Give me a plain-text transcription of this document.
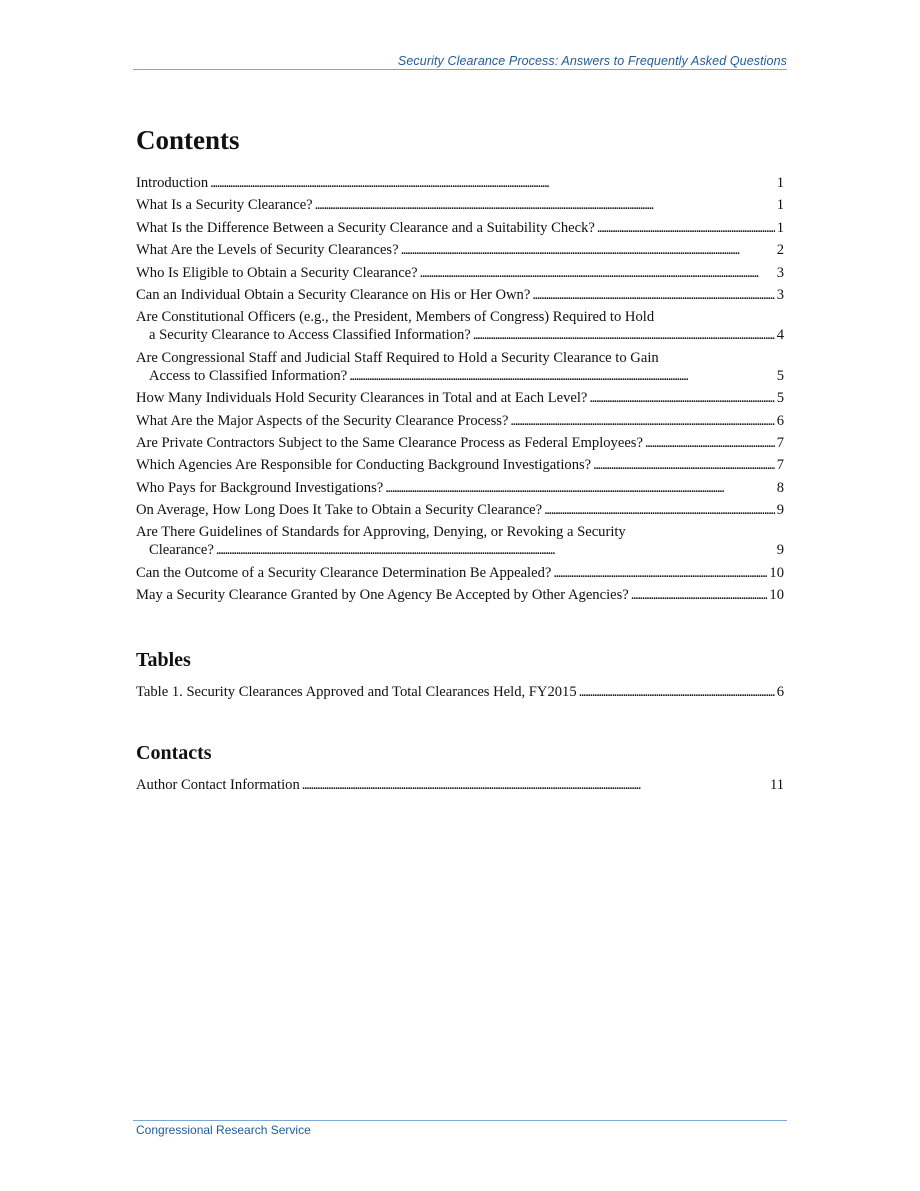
Security Clearance Process: Answers to Frequently Asked Questions
Contents
Introduction . . .	1
What Is a Security Clearance? . . .	1
What Is the Difference Between a Security Clearance and a Suitability Check? . . .	1
What Are the Levels of Security Clearances? . . .	2
Who Is Eligible to Obtain a Security Clearance? . . .	3
Can an Individual Obtain a Security Clearance on His or Her Own? . . .	3
Are Constitutional Officers (e.g., the President, Members of Congress) Required to Hold
a Security Clearance to Access Classified Information? . . .	4
Are Congressional Staff and Judicial Staff Required to Hold a Security Clearance to Gain
Access to Classified Information? . . .	5
How Many Individuals Hold Security Clearances in Total and at Each Level? . . .	5
What Are the Major Aspects of the Security Clearance Process? . . .	6
Are Private Contractors Subject to the Same Clearance Process as Federal Employees? . . .	7
Which Agencies Are Responsible for Conducting Background Investigations? . . .	7
Who Pays for Background Investigations? . . .	8
On Average, How Long Does It Take to Obtain a Security Clearance? . . .	9
Are There Guidelines of Standards for Approving, Denying, or Revoking a Security
Clearance? . . .	9
Can the Outcome of a Security Clearance Determination Be Appealed? . . .	10
May a Security Clearance Granted by One Agency Be Accepted by Other Agencies? . . .	10
Tables
Table 1. Security Clearances Approved and Total Clearances Held, FY2015 . . .	6
Contacts
Author Contact Information . . .	11
Congressional Research Service
